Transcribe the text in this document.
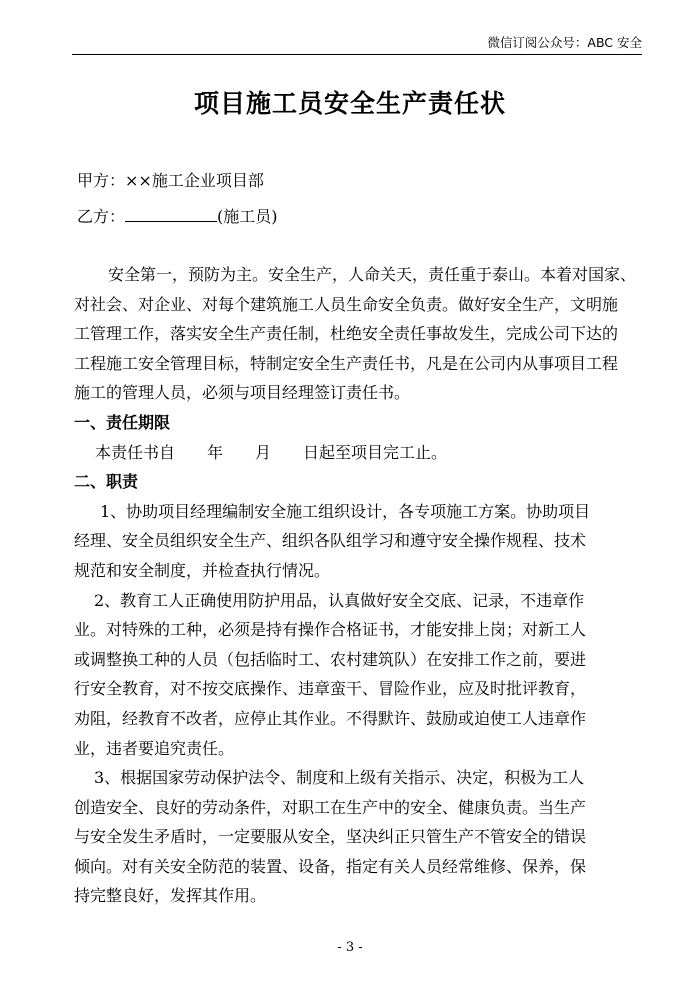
微信订阅公众号：ABC 安全
项目施工员安全生产责任状
甲方：××施工企业项目部
乙方：	(施工员)

安全第一，预防为主。安全生产，人命关天，责任重于泰山。本着对国家、

对社会、对企业、对每个建筑施工人员生命安全负责。做好安全生产，文明施

工管理工作，落实安全生产责任制，杜绝安全责任事故发生，完成公司下达的

工程施工安全管理目标，特制定安全生产责任书，凡是在公司内从事项目工程

施工的管理人员，必须与项目经理签订责任书。

一、责任期限

本责任书自　　年　　月　　日起至项目完工止。

二、职责

1、协助项目经理编制安全施工组织设计，各专项施工方案。协助项目

经理、安全员组织安全生产、组织各队组学习和遵守安全操作规程、技术

规范和安全制度，并检查执行情况。

2、教育工人正确使用防护用品，认真做好安全交底、记录，不违章作

业。对特殊的工种，必须是持有操作合格证书，才能安排上岗；对新工人

或调整换工种的人员（包括临时工、农村建筑队）在安排工作之前，要进

行安全教育，对不按交底操作、违章蛮干、冒险作业，应及时批评教育，

劝阻，经教育不改者，应停止其作业。不得默许、鼓励或迫使工人违章作

业，违者要追究责任。

3、根据国家劳动保护法令、制度和上级有关指示、决定，积极为工人

创造安全、良好的劳动条件，对职工在生产中的安全、健康负责。当生产

与安全发生矛盾时，一定要服从安全，坚决纠正只管生产不管安全的错误

倾向。对有关安全防范的装置、设备，指定有关人员经常维修、保养，保

持完整良好，发挥其作用。

- 3 -
